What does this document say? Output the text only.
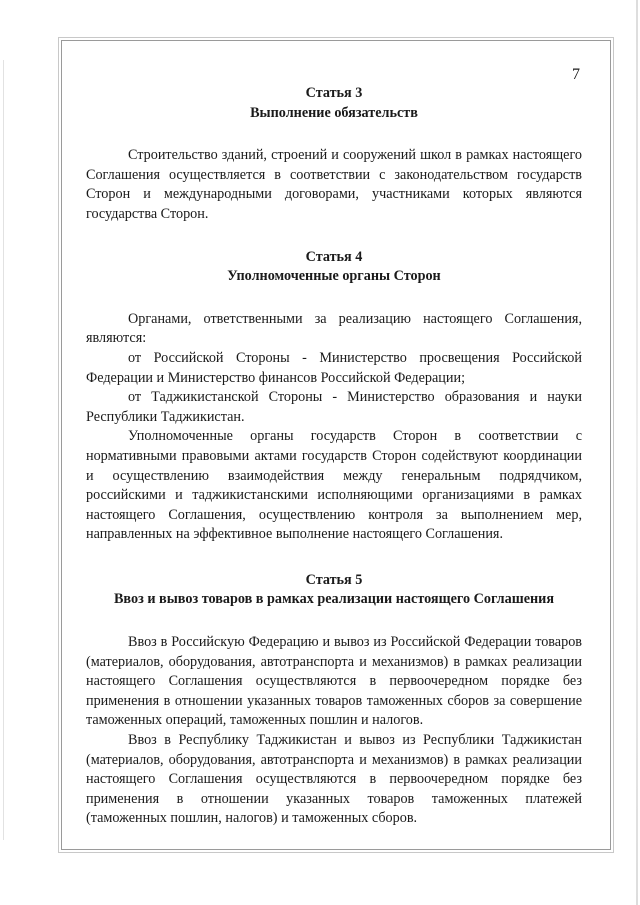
7

Статья 3

Выполнение обязательств

Строительство зданий, строений и сооружений школ в рамках настоящего Соглашения осуществляется в соответствии с законодательством государств Сторон и международными договорами, участниками которых являются государства Сторон.

Статья 4

Уполномоченные органы Сторон

Органами, ответственными за реализацию настоящего Соглашения, являются:

от Российской Стороны - Министерство просвещения Российской Федерации и Министерство финансов Российской Федерации;

от Таджикистанской Стороны - Министерство образования и науки Республики Таджикистан.

Уполномоченные органы государств Сторон в соответствии с нормативными правовыми актами государств Сторон содействуют координации и осуществлению взаимодействия между генеральным подрядчиком, российскими и таджикистанскими исполняющими организациями в рамках настоящего Соглашения, осуществлению контроля за выполнением мер, направленных на эффективное выполнение настоящего Соглашения.

Статья 5

Ввоз и вывоз товаров в рамках реализации настоящего Соглашения

Ввоз в Российскую Федерацию и вывоз из Российской Федерации товаров (материалов, оборудования, автотранспорта и механизмов) в рамках реализации настоящего Соглашения осуществляются в первоочередном порядке без применения в отношении указанных товаров таможенных сборов за совершение таможенных операций, таможенных пошлин и налогов.

Ввоз в Республику Таджикистан и вывоз из Республики Таджикистан (материалов, оборудования, автотранспорта и механизмов) в рамках реализации настоящего Соглашения осуществляются в первоочередном порядке без применения в отношении указанных товаров таможенных платежей (таможенных пошлин, налогов) и таможенных сборов.
